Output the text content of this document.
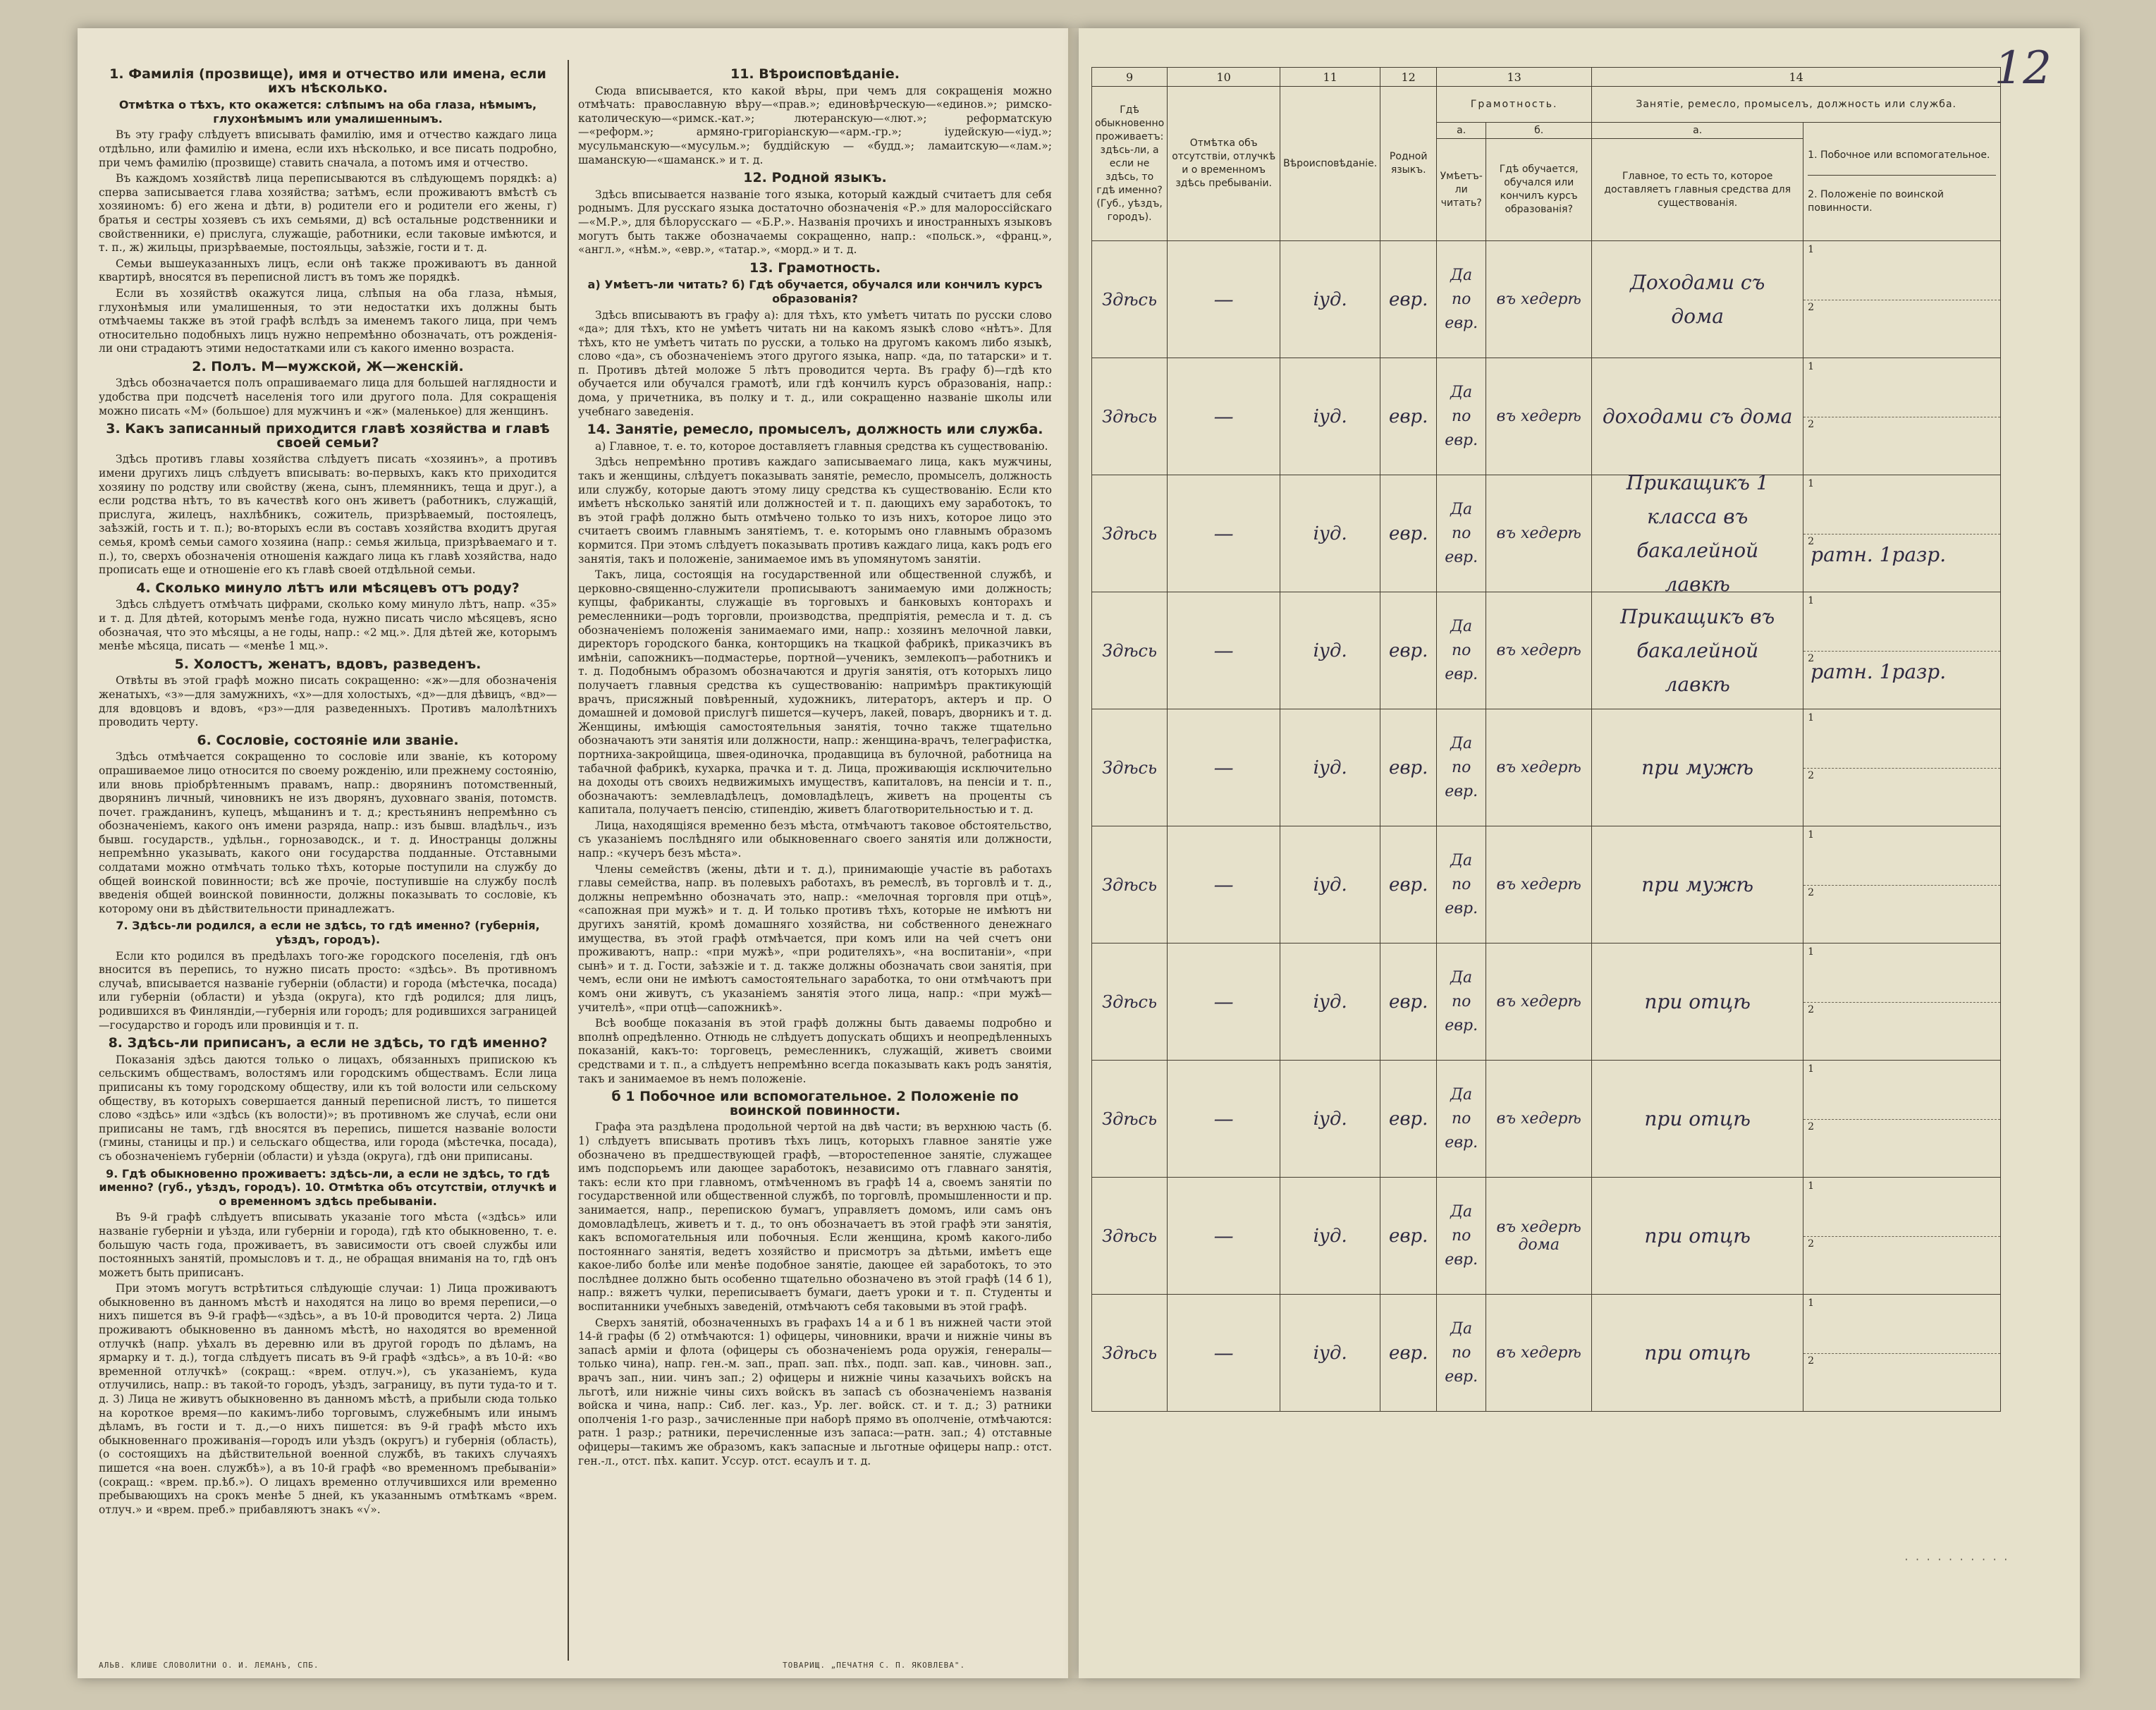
1. Фамилія (прозвище), имя и отчество или имена, если ихъ нѣсколько.
Отмѣтка о тѣхъ, кто окажется: слѣпымъ на оба глаза, нѣмымъ, глухонѣмымъ или умалишеннымъ.

Въ эту графу слѣдуетъ вписывать фамилію, имя и отчество каждаго лица отдѣльно, или фамилію и имена, если ихъ нѣсколько, и все писать подробно, при чемъ фамилію (прозвище) ставить сначала, а потомъ имя и отчество.

Въ каждомъ хозяйствѣ лица переписываются въ слѣдующемъ порядкѣ: а) сперва записывается глава хозяйства; затѣмъ, если проживаютъ вмѣстѣ съ хозяиномъ: б) его жена и дѣти, в) родители его и родители его жены, г) братья и сестры хозяевъ съ ихъ семьями, д) всѣ остальные родственники и свойственники, е) прислуга, служащіе, работники, если таковые имѣются, и т. п., ж) жильцы, призрѣваемые, постояльцы, заѣзжіе, гости и т. д.

Семьи вышеуказанныхъ лицъ, если онѣ также проживаютъ въ данной квартирѣ, вносятся въ переписной листъ въ томъ же порядкѣ.

Если въ хозяйствѣ окажутся лица, слѣпыя на оба глаза, нѣмыя, глухонѣмыя или умалишенныя, то эти недостатки ихъ должны быть отмѣчаемы также въ этой графѣ вслѣдъ за именемъ такого лица, при чемъ относительно подобныхъ лицъ нужно непремѣнно обозначать, отъ рожденія-ли они страдаютъ этими недостатками или съ какого именно возраста.

2. Полъ. М—мужской, Ж—женскій.

Здѣсь обозначается полъ опрашиваемаго лица для большей наглядности и удобства при подсчетѣ населенія того или другого пола. Для сокращенія можно писать «М» (большое) для мужчинъ и «ж» (маленькое) для женщинъ.

3. Какъ записанный приходится главѣ хозяйства и главѣ своей семьи?

Здѣсь противъ главы хозяйства слѣдуетъ писать «хозяинъ», а противъ имени другихъ лицъ слѣдуетъ вписывать: во-первыхъ, какъ кто приходится хозяину по родству или свойству (жена, сынъ, племянникъ, теща и друг.), а если родства нѣтъ, то въ качествѣ кого онъ живетъ (работникъ, служащій, прислуга, жилецъ, нахлѣбникъ, сожитель, призрѣваемый, постоялецъ, заѣзжій, гость и т. п.); во-вторыхъ если въ составъ хозяйства входитъ другая семья, кромѣ семьи самого хозяина (напр.: семья жильца, призрѣваемаго и т. п.), то, сверхъ обозначенія отношенія каждаго лица къ главѣ хозяйства, надо прописать еще и отношеніе его къ главѣ своей отдѣльной семьи.

4. Сколько минуло лѣтъ или мѣсяцевъ отъ роду?

Здѣсь слѣдуетъ отмѣчать цифрами, сколько кому минуло лѣтъ, напр. «35» и т. д. Для дѣтей, которымъ менѣе года, нужно писать число мѣсяцевъ, ясно обозначая, что это мѣсяцы, а не годы, напр.: «2 мц.». Для дѣтей же, которымъ менѣе мѣсяца, писать — «менѣе 1 мц.».

5. Холостъ, женатъ, вдовъ, разведенъ.

Отвѣты въ этой графѣ можно писать сокращенно: «ж»—для обозначенія женатыхъ, «з»—для замужнихъ, «х»—для холостыхъ, «д»—для дѣвицъ, «вд»—для вдовцовъ и вдовъ, «рз»—для разведенныхъ. Противъ малолѣтнихъ проводить черту.

6. Сословіе, состояніе или званіе.

Здѣсь отмѣчается сокращенно то сословіе или званіе, къ которому опрашиваемое лицо относится по своему рожденію, или прежнему состоянію, или вновь пріобрѣтеннымъ правамъ, напр.: дворянинъ потомственный, дворянинъ личный, чиновникъ не изъ дворянъ, духовнаго званія, потомств. почет. гражданинъ, купецъ, мѣщанинъ и т. д.; крестьянинъ непремѣнно съ обозначеніемъ, какого онъ имени разряда, напр.: изъ бывш. владѣльч., изъ бывш. государств., удѣльн., горнозаводск., и т. д. Иностранцы должны непремѣнно указывать, какого они государства подданные. Отставными солдатами можно отмѣчать только тѣхъ, которые поступили на службу до общей воинской повинности; всѣ же прочіе, поступившіе на службу послѣ введенія общей воинской повинности, должны показывать то сословіе, къ которому они въ дѣйствительности принадлежатъ.

7. Здѣсь-ли родился, а если не здѣсь, то гдѣ именно? (губернія, уѣздъ, городъ).

Если кто родился въ предѣлахъ того-же городского поселенія, гдѣ онъ вносится въ перепись, то нужно писать просто: «здѣсь». Въ противномъ случаѣ, вписывается названіе губерніи (области) и города (мѣстечка, посада) или губерніи (области) и уѣзда (округа), кто гдѣ родился; для лицъ, родившихся въ Финляндіи,—губернія или городъ; для родившихся заграницей—государство и городъ или провинція и т. п.

8. Здѣсь-ли приписанъ, а если не здѣсь, то гдѣ именно?

Показанія здѣсь даются только о лицахъ, обязанныхъ припискою къ сельскимъ обществамъ, волостямъ или городскимъ обществамъ. Если лица приписаны къ тому городскому обществу, или къ той волости или сельскому обществу, въ которыхъ совершается данный переписной листъ, то пишется слово «здѣсь» или «здѣсь (къ волости)»; въ противномъ же случаѣ, если они приписаны не тамъ, гдѣ вносятся въ перепись, пишется названіе волости (гмины, станицы и пр.) и сельскаго общества, или города (мѣстечка, посада), съ обозначеніемъ губерніи (области) и уѣзда (округа), гдѣ они приписаны.

9. Гдѣ обыкновенно проживаетъ: здѣсь-ли, а если не здѣсь, то гдѣ именно? (губ., уѣздъ, городъ). 10. Отмѣтка объ отсутствіи, отлучкѣ и о временномъ здѣсь пребываніи.

Въ 9-й графѣ слѣдуетъ вписывать указаніе того мѣста («здѣсь» или названіе губерніи и уѣзда, или губерніи и города), гдѣ кто обыкновенно, т. е. большую часть года, проживаетъ, въ зависимости отъ своей службы или постоянныхъ занятій, промысловъ и т. д., не обращая вниманія на то, гдѣ онъ можетъ быть приписанъ.

При этомъ могутъ встрѣтиться слѣдующіе случаи: 1) Лица проживаютъ обыкновенно въ данномъ мѣстѣ и находятся на лицо во время переписи,—о нихъ пишется въ 9-й графѣ—«здѣсь», а въ 10-й проводится черта. 2) Лица проживаютъ обыкновенно въ данномъ мѣстѣ, но находятся во временной отлучкѣ (напр. уѣхалъ въ деревню или въ другой городъ по дѣламъ, на ярмарку и т. д.), тогда слѣдуетъ писать въ 9-й графѣ «здѣсь», а въ 10-й: «во временной отлучкѣ» (сокращ.: «врем. отлуч.»), съ указаніемъ, куда отлучились, напр.: въ такой-то городъ, уѣздъ, заграницу, въ пути туда-то и т. д. 3) Лица не живутъ обыкновенно въ данномъ мѣстѣ, а прибыли сюда только на короткое время—по какимъ-либо торговымъ, служебнымъ или инымъ дѣламъ, въ гости и т. д.,—о нихъ пишется: въ 9-й графѣ мѣсто ихъ обыкновеннаго проживанія—городъ или уѣздъ (округъ) и губернія (область), (о состоящихъ на дѣйствительной военной службѣ, въ такихъ случаяхъ пишется «на воен. службѣ»), а въ 10-й графѣ «во временномъ пребываніи» (сокращ.: «врем. пр.ѣб.»). О лицахъ временно отлучившихся или временно пребывающихъ на срокъ менѣе 5 дней, къ указаннымъ отмѣткамъ «врем. отлуч.» и «врем. преб.» прибавляютъ знакъ «√».

11. Вѣроисповѣданіе.

Сюда вписывается, кто какой вѣры, при чемъ для сокращенія можно отмѣчать: православную вѣру—«прав.»; единовѣрческую—«единов.»; римско-католическую—«римск.-кат.»; лютеранскую—«лют.»; реформатскую—«реформ.»; армяно-григоріанскую—«арм.-гр.»; іудейскую—«іуд.»; мусульманскую—«мусульм.»; буддійскую — «будд.»; ламаитскую—«лам.»; шаманскую—«шаманск.» и т. д.

12. Родной языкъ.

Здѣсь вписывается названіе того языка, который каждый считаетъ для себя роднымъ. Для русскаго языка достаточно обозначенія «Р.» для малороссійскаго—«М.Р.», для бѣлорусскаго — «Б.Р.». Названія прочихъ и иностранныхъ языковъ могутъ быть также обозначаемы сокращенно, напр.: «польск.», «франц.», «англ.», «нѣм.», «евр.», «татар.», «морд.» и т. д.

13. Грамотность.
а) Умѣетъ-ли читать? б) Гдѣ обучается, обучался или кончилъ курсъ образованія?

Здѣсь вписываютъ въ графу а): для тѣхъ, кто умѣетъ читать по русски слово «да»; для тѣхъ, кто не умѣетъ читать ни на какомъ языкѣ слово «нѣтъ». Для тѣхъ, кто не умѣетъ читать по русски, а только на другомъ какомъ либо языкѣ, слово «да», съ обозначеніемъ этого другого языка, напр. «да, по татарски» и т. п. Противъ дѣтей моложе 5 лѣтъ проводится черта. Въ графу б)—гдѣ кто обучается или обучался грамотѣ, или гдѣ кончилъ курсъ образованія, напр.: дома, у причетника, въ полку и т. д., или сокращенно названіе школы или учебнаго заведенія.

14. Занятіе, ремесло, промыселъ, должность или служба.

а) Главное, т. е. то, которое доставляетъ главныя средства къ существованію.

Здѣсь непремѣнно противъ каждаго записываемаго лица, какъ мужчины, такъ и женщины, слѣдуетъ показывать занятіе, ремесло, промыселъ, должность или службу, которые даютъ этому лицу средства къ существованію. Если кто имѣетъ нѣсколько занятій или должностей и т. п. дающихъ ему заработокъ, то въ этой графѣ должно быть отмѣчено только то изъ нихъ, которое лицо это считаетъ своимъ главнымъ занятіемъ, т. е. которымъ оно главнымъ образомъ кормится. При этомъ слѣдуетъ показывать противъ каждаго лица, какъ родъ его занятія, такъ и положеніе, занимаемое имъ въ упомянутомъ занятіи.

Такъ, лица, состоящія на государственной или общественной службѣ, и церковно-священно-служители прописываютъ занимаемую ими должность; купцы, фабриканты, служащіе въ торговыхъ и банковыхъ конторахъ и ремесленники—родъ торговли, производства, предпріятія, ремесла и т. д. съ обозначеніемъ положенія занимаемаго ими, напр.: хозяинъ мелочной лавки, директоръ городского банка, конторщикъ на ткацкой фабрикѣ, приказчикъ въ имѣніи, сапожникъ—подмастерье, портной—ученикъ, землекопъ—работникъ и т. д. Подобнымъ образомъ обозначаются и другія занятія, отъ которыхъ лицо получаетъ главныя средства къ существованію: напримѣръ практикующій врачъ, присяжный повѣренный, художникъ, литераторъ, актеръ и пр. О домашней и домовой прислугѣ пишется—кучеръ, лакей, поваръ, дворникъ и т. д. Женщины, имѣющія самостоятельныя занятія, точно также тщательно обозначаютъ эти занятія или должности, напр.: женщина-врачъ, телеграфистка, портниха-закройщица, швея-одиночка, продавщица въ булочной, работница на табачной фабрикѣ, кухарка, прачка и т. д. Лица, проживающія исключительно на доходы отъ своихъ недвижимыхъ имуществъ, капиталовъ, на пенсіи и т. п., обозначаютъ: землевладѣлецъ, домовладѣлецъ, живетъ на проценты съ капитала, получаетъ пенсію, стипендію, живетъ благотворительностью и т. д.

Лица, находящіяся временно безъ мѣста, отмѣчаютъ таковое обстоятельство, съ указаніемъ послѣдняго или обыкновеннаго своего занятія или должности, напр.: «кучеръ безъ мѣста».

Члены семействъ (жены, дѣти и т. д.), принимающіе участіе въ работахъ главы семейства, напр. въ полевыхъ работахъ, въ ремеслѣ, въ торговлѣ и т. д., должны непремѣнно обозначать это, напр.: «мелочная торговля при отцѣ», «сапожная при мужѣ» и т. д. И только противъ тѣхъ, которые не имѣютъ ни другихъ занятій, кромѣ домашняго хозяйства, ни собственного денежнаго имущества, въ этой графѣ отмѣчается, при комъ или на чей счетъ они проживаютъ, напр.: «при мужѣ», «при родителяхъ», «на воспитаніи», «при сынѣ» и т. д. Гости, заѣзжіе и т. д. также должны обозначать свои занятія, при чемъ, если они не имѣютъ самостоятельнаго заработка, то они отмѣчаютъ при комъ они живутъ, съ указаніемъ занятія этого лица, напр.: «при мужѣ—учителѣ», «при отцѣ—сапожникѣ».

Всѣ вообще показанія въ этой графѣ должны быть даваемы подробно и вполнѣ опредѣленно. Отнюдь не слѣдуетъ допускать общихъ и неопредѣленныхъ показаній, какъ-то: торговецъ, ремесленникъ, служащій, живетъ своими средствами и т. п., а слѣдуетъ непремѣнно всегда показывать какъ родъ занятія, такъ и занимаемое въ немъ положеніе.

б 1 Побочное или вспомогательное. 2 Положеніе по воинской повинности.

Графа эта раздѣлена продольной чертой на двѣ части; въ верхнюю часть (б. 1) слѣдуетъ вписывать противъ тѣхъ лицъ, которыхъ главное занятіе уже обозначено въ предшествующей графѣ, —второстепенное занятіе, служащее имъ подспорьемъ или дающее заработокъ, независимо отъ главнаго занятія, такъ: если кто при главномъ, отмѣченномъ въ графѣ 14 а, своемъ занятіи по государственной или общественной службѣ, по торговлѣ, промышленности и пр. занимается, напр., перепискою бумагъ, управляетъ домомъ, или самъ онъ домовладѣлецъ, живетъ и т. д., то онъ обозначаетъ въ этой графѣ эти занятія, какъ вспомогательныя или побочныя. Если женщина, кромѣ какого-либо постояннаго занятія, ведетъ хозяйство и присмотръ за дѣтьми, имѣетъ еще какое-либо болѣе или менѣе подобное занятіе, дающее ей заработокъ, то это послѣднее должно быть особенно тщательно обозначено въ этой графѣ (14 б 1), напр.: вяжетъ чулки, переписываетъ бумаги, даетъ уроки и т. п. Студенты и воспитанники учебныхъ заведеній, отмѣчаютъ себя таковыми въ этой графѣ.

Сверхъ занятій, обозначенныхъ въ графахъ 14 а и б 1 въ нижней части этой 14-й графы (б 2) отмѣчаются: 1) офицеры, чиновники, врачи и нижніе чины въ запасѣ арміи и флота (офицеры съ обозначеніемъ рода оружія, генералы—только чина), напр. ген.-м. зап., прап. зап. пѣх., подп. зап. кав., чиновн. зап., врачъ зап., нии. чинъ зап.; 2) офицеры и нижніе чины казачьихъ войскъ на льготѣ, или нижніе чины сихъ войскъ въ запасѣ съ обозначеніемъ названія войска и чина, напр.: Сиб. лег. каз., Ур. лег. войск. ст. и т. д.; 3) ратники ополченія 1-го разр., зачисленные при наборѣ прямо въ ополченіе, отмѣчаются: ратн. 1 разр.; ратники, перечисленные изъ запаса:—ратн. зап.; 4) отставные офицеры—такимъ же образомъ, какъ запасные и льготные офицеры напр.: отст. ген.-л., отст. пѣх. капит. Уссур. отст. есаулъ и т. д.

АЛЬВ. КЛИШЕ СЛОВОЛИТНИ О. И. ЛЕМАНЪ, СПБ.	ТОВАРИЩ. „ПЕЧАТНЯ С. П. ЯКОВЛЕВА".
12
9	10	11	12	13		14	
Гдѣ обыкновенно проживаетъ: здѣсь-ли, а если не здѣсь, то гдѣ именно? (Губ., уѣздъ, городъ).	Отмѣтка объ отсутствіи, отлучкѣ и о временномъ здѣсь пребываніи.	Вѣроисповѣданіе.	Родной языкъ.	Грамотность.		Занятіе, ремесло, промыселъ, должность или служба.	
				а.	б.	а.	1. Побочное или вспомогательное.
2. Положеніе по воинской повинности.

				Умѣетъ-ли читать?	Гдѣ обучается, обучался или кончилъ курсъ образованія?	Главное, то есть то, которое доставляетъ главныя средства для существованія.	

Здѣсь	—	іуд.	евр.	Да по евр.	въ хедерѣ	Доходами съ дома	1
2

Здѣсь	—	іуд.	евр.	Да по евр.	въ хедерѣ	доходами съ дома	1
2

Здѣсь	—	іуд.	евр.	Да по евр.	въ хедерѣ	Прикащикъ 1 класса въ бакалейной лавкѣ	1
2
ратн. 1разр.

Здѣсь	—	іуд.	евр.	Да по евр.	въ хедерѣ	Прикащикъ въ бакалейной лавкѣ	1
2
ратн. 1разр.

Здѣсь	—	іуд.	евр.	Да по евр.	въ хедерѣ	при мужѣ	1
2

Здѣсь	—	іуд.	евр.	Да по евр.	въ хедерѣ	при мужѣ	1
2

Здѣсь	—	іуд.	евр.	Да по евр.	въ хедерѣ	при отцѣ	1
2

Здѣсь	—	іуд.	евр.	Да по евр.	въ хедерѣ	при отцѣ	1
2

Здѣсь	—	іуд.	евр.	Да по евр.	въ хедерѣ дома	при отцѣ	1
2

Здѣсь	—	іуд.	евр.	Да по евр.	въ хедерѣ	при отцѣ	1
2
· · · · · · · · · ·
